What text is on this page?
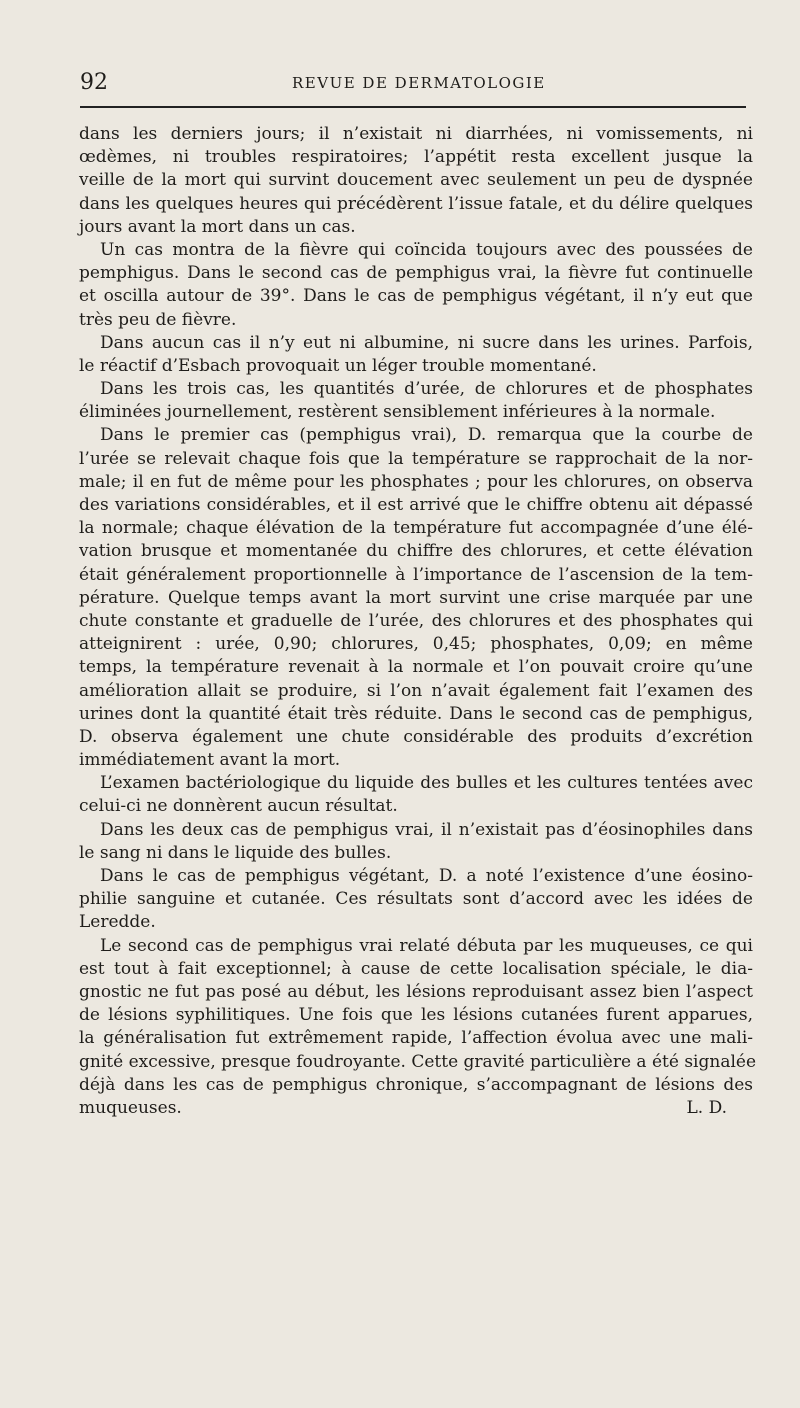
92	REVUE DE DERMATOLOGIE
dans les derniers jours; il n’existait ni diarrhées, ni vomissements, ni
œdèmes, ni troubles respiratoires; l’appétit resta excellent jusque la
veille de la mort qui survint doucement avec seulement un peu de dyspnée
dans les quelques heures qui précédèrent l’issue fatale, et du délire quelques
jours avant la mort dans un cas.
Un cas montra de la fièvre qui coïncida toujours avec des poussées de
pemphigus. Dans le second cas de pemphigus vrai, la fièvre fut continuelle
et oscilla autour de 39°. Dans le cas de pemphigus végétant, il n’y eut que
très peu de fièvre.
Dans aucun cas il n’y eut ni albumine, ni sucre dans les urines. Parfois,
le réactif d’Esbach provoquait un léger trouble momentané.
Dans les trois cas, les quantités d’urée, de chlorures et de phosphates
éliminées journellement, restèrent sensiblement inférieures à la normale.
Dans le premier cas (pemphigus vrai), D. remarqua que la courbe de
l’urée se relevait chaque fois que la température se rapprochait de la nor-
male; il en fut de même pour les phosphates ; pour les chlorures, on observa
des variations considérables, et il est arrivé que le chiffre obtenu ait dépassé
la normale; chaque élévation de la température fut accompagnée d’une élé-
vation brusque et momentanée du chiffre des chlorures, et cette élévation
était généralement proportionnelle à l’importance de l’ascension de la tem-
pérature. Quelque temps avant la mort survint une crise marquée par une
chute constante et graduelle de l’urée, des chlorures et des phosphates qui
atteignirent : urée, 0,90; chlorures, 0,45; phosphates, 0,09; en même
temps, la température revenait à la normale et l’on pouvait croire qu’une
amélioration allait se produire, si l’on n’avait également fait l’examen des
urines dont la quantité était très réduite. Dans le second cas de pemphigus,
D. observa également une chute considérable des produits d’excrétion
immédiatement avant la mort.
L’examen bactériologique du liquide des bulles et les cultures tentées avec
celui-ci ne donnèrent aucun résultat.
Dans les deux cas de pemphigus vrai, il n’existait pas d’éosinophiles dans
le sang ni dans le liquide des bulles.
Dans le cas de pemphigus végétant, D. a noté l’existence d’une éosino-
philie sanguine et cutanée. Ces résultats sont d’accord avec les idées de
Leredde.
Le second cas de pemphigus vrai relaté débuta par les muqueuses, ce qui
est tout à fait exceptionnel; à cause de cette localisation spéciale, le dia-
gnostic ne fut pas posé au début, les lésions reproduisant assez bien l’aspect
de lésions syphilitiques. Une fois que les lésions cutanées furent apparues,
la généralisation fut extrêmement rapide, l’affection évolua avec une mali-
gnité excessive, presque foudroyante. Cette gravité particulière a été signalée
déjà dans les cas de pemphigus chronique, s’accompagnant de lésions des
muqueuses.	L. D.
